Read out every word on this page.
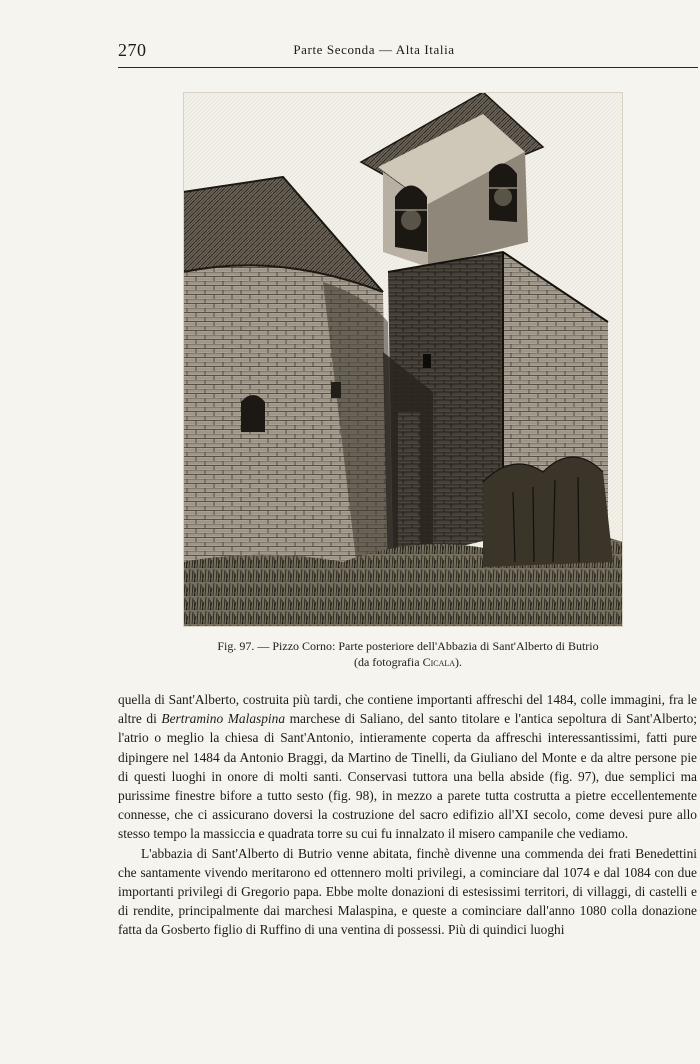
270	Parte Seconda — Alta Italia
Fig. 97. — Pizzo Corno: Parte posteriore dell'Abbazia di Sant'Alberto di Butrio
(da fotografia Cicala).

quella di Sant'Alberto, costruita più tardi, che contiene importanti affreschi del 1484, colle immagini, fra le altre di Bertramino Malaspina marchese di Saliano, del santo titolare e l'antica sepoltura di Sant'Alberto; l'atrio o meglio la chiesa di Sant'Antonio, intieramente coperta da affreschi interessantissimi, fatti pure dipingere nel 1484 da Antonio Braggi, da Martino de Tinelli, da Giuliano del Monte e da altre persone pie di questi luoghi in onore di molti santi. Conservasi tuttora una bella abside (fig. 97), due semplici ma purissime finestre bifore a tutto sesto (fig. 98), in mezzo a parete tutta costrutta a pietre eccellentemente connesse, che ci assicurano doversi la costruzione del sacro edifizio all'XI secolo, come devesi pure allo stesso tempo la massiccia e quadrata torre su cui fu innalzato il misero campanile che vediamo.

L'abbazia di Sant'Alberto di Butrio venne abitata, finchè divenne una commenda dei frati Benedettini che santamente vivendo meritarono ed ottennero molti privilegi, a cominciare dal 1074 e dal 1084 con due importanti privilegi di Gregorio papa. Ebbe molte donazioni di estesissimi territori, di villaggi, di castelli e di rendite, principalmente dai marchesi Malaspina, e queste a cominciare dall'anno 1080 colla donazione fatta da Gosberto figlio di Ruffino di una ventina di possessi. Più di quindici luoghi
